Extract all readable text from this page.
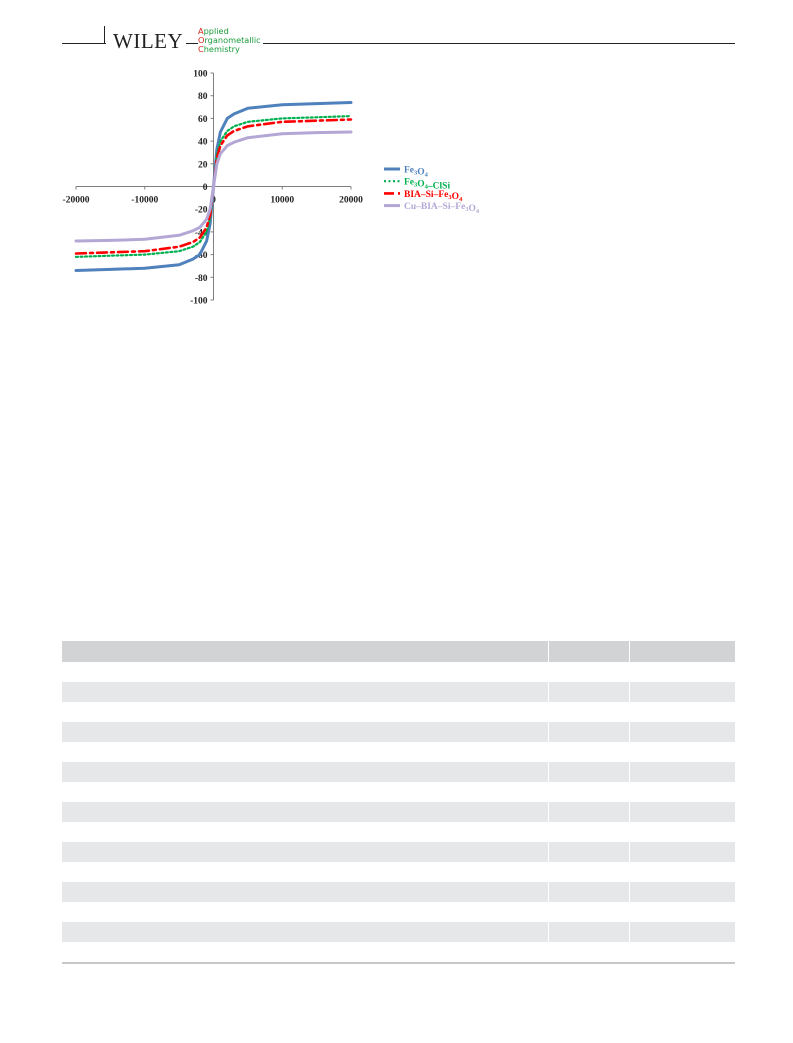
WILEY Applied
Organometallic
Chemistry
-20000	-10000	0	10000	20000
100
80
60
40
20
0
-20
-40
-60
-80
-100
$Fe_3O_4$
$Fe_3O_4$–ClSi
BIA–$Si-Fe_3O_4$
$Cu-BIA-Si-Fe_3O_4$
